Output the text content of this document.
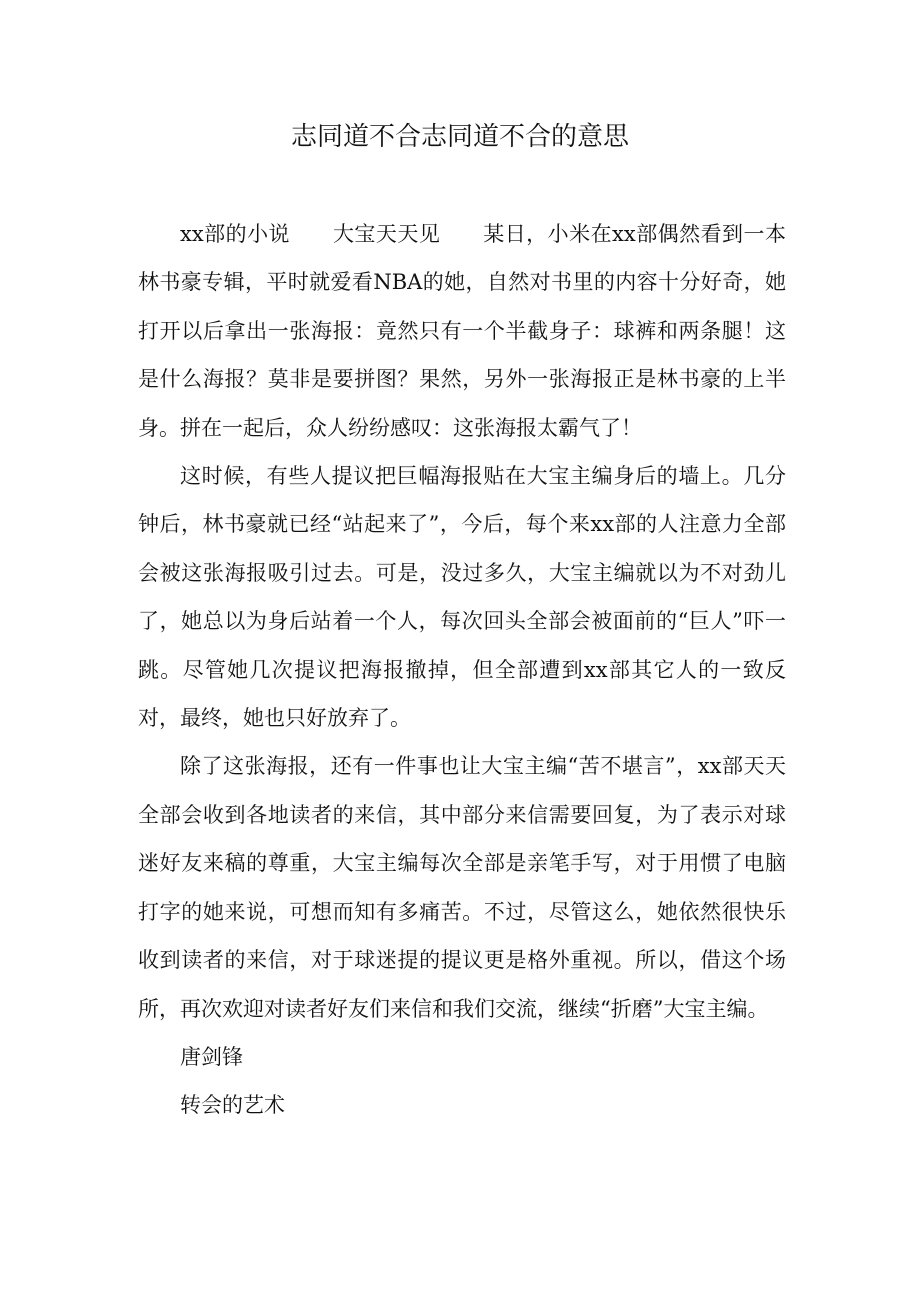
志同道不合志同道不合的意思

xx部的小说　　大宝天天见　　某日，小米在xx部偶然看到一本林书豪专辑，平时就爱看NBA的她，自然对书里的内容十分好奇，她打开以后拿出一张海报：竟然只有一个半截身子：球裤和两条腿！这是什么海报？莫非是要拼图？果然，另外一张海报正是林书豪的上半身。拼在一起后，众人纷纷感叹：这张海报太霸气了！

这时候，有些人提议把巨幅海报贴在大宝主编身后的墙上。几分钟后，林书豪就已经“站起来了”，今后，每个来xx部的人注意力全部会被这张海报吸引过去。可是，没过多久，大宝主编就以为不对劲儿了，她总以为身后站着一个人，每次回头全部会被面前的“巨人”吓一跳。尽管她几次提议把海报撤掉，但全部遭到xx部其它人的一致反对，最终，她也只好放弃了。

除了这张海报，还有一件事也让大宝主编“苦不堪言”，xx部天天全部会收到各地读者的来信，其中部分来信需要回复，为了表示对球迷好友来稿的尊重，大宝主编每次全部是亲笔手写，对于用惯了电脑打字的她来说，可想而知有多痛苦。不过，尽管这么，她依然很快乐收到读者的来信，对于球迷提的提议更是格外重视。所以，借这个场所，再次欢迎对读者好友们来信和我们交流，继续“折磨”大宝主编。

唐剑锋

转会的艺术
